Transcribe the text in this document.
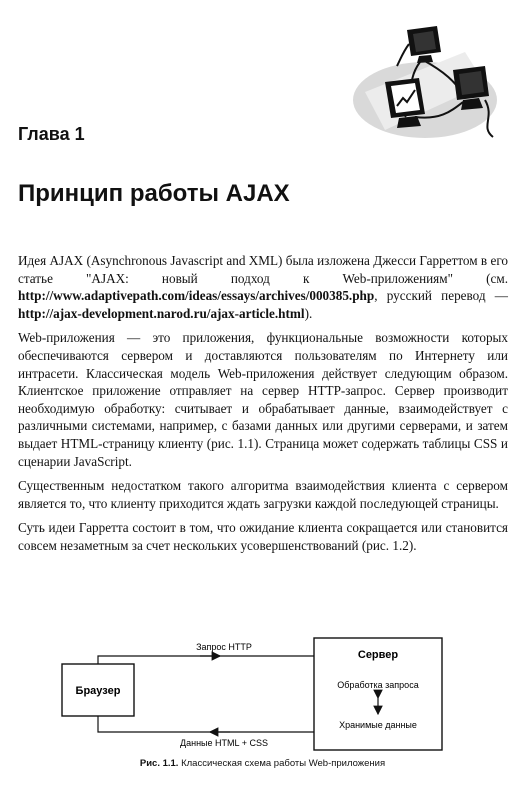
Глава 1
Принцип работы AJAX

Идея AJAX (Asynchronous Javascript and XML) была изложена Джесси Гарреттом в его статье "AJAX: новый подход к Web-приложениям" (см. http://www.adaptivepath.com/ideas/essays/archives/000385.php, русский перевод — http://ajax-development.narod.ru/ajax-article.html).

Web-приложения — это приложения, функциональные возможности которых обеспечиваются сервером и доставляются пользователям по Интернету или интрасети. Классическая модель Web-приложения действует следующим образом. Клиентское приложение отправляет на сервер HTTP-запрос. Сервер производит необходимую обработку: считывает и обрабатывает данные, взаимодействует с различными системами, например, с базами данных или другими серверами, и затем выдает HTML-страницу клиенту (рис. 1.1). Страница может содержать таблицы CSS и сценарии JavaScript.

Существенным недостатком такого алгоритма взаимодействия клиента с сервером является то, что клиенту приходится ждать загрузки каждой последующей страницы.

Суть идеи Гарретта состоит в том, что ожидание клиента сокращается или становится совсем незаметным за счет нескольких усовершенствований (рис. 1.2).

Браузер
Сервер
Обработка запроса
Хранимые данные
Запрос HTTP
Данные HTML + CSS
Рис. 1.1. Классическая схема работы Web-приложения
